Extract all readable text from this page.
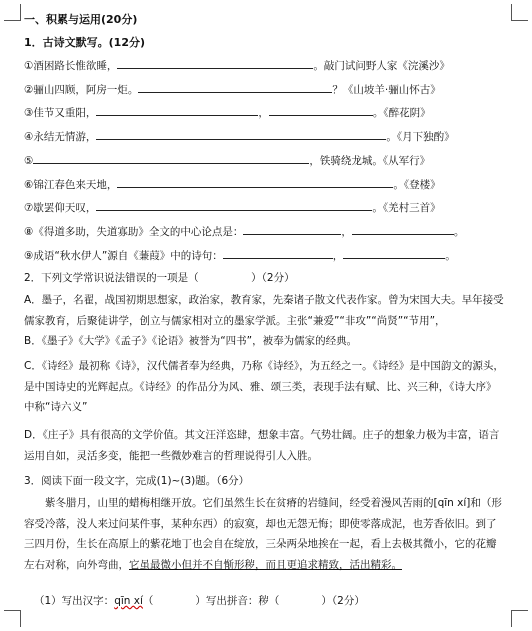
一、积累与运用(20分)
1．古诗文默写。(12分)
①酒困路长惟欲睡，	。敲门试问野人家《浣溪沙》
②骊山四顾，阿房一炬。	？《山坡羊·骊山怀古》
③佳节又重阳，	，	。《醉花阴》
④永结无情游，	。《月下独酌》
⑤	，铁骑绕龙城。《从军行》
⑥锦江春色来天地，	。《登楼》
⑦歇罢仰天叹，	。《羌村三首》
⑧《得道多助，失道寡助》全文的中心论点是：	，	。
⑨成语“秋水伊人”源自《蒹葭》中的诗句：	，	。
2．下列文学常识说法错误的一项是（　　　　　）（2分）
A．墨子，名翟，战国初期思想家，政治家，教育家，先秦诸子散文代表作家。曾为宋国大夫。早年接受儒家教育，后聚徒讲学，创立与儒家相对立的墨家学派。主张“兼爱”“非攻”“尚贤”“节用”，
B．《墨子》《大学》《孟子》《论语》被誉为“四书”，被奉为儒家的经典。
C．《诗经》最初称《诗》，汉代儒者奉为经典，乃称《诗经》，为五经之一。《诗经》是中国韵文的源头，是中国诗史的光辉起点。《诗经》的作品分为风、雅、颂三类，表现手法有赋、比、兴三种，《诗大序》中称“诗六义”
D．《庄子》具有很高的文学价值。其文汪洋恣肆，想象丰富。气势壮阔。庄子的想象力极为丰富，语言运用自如，灵活多变，能把一些微妙难言的哲理说得引人入胜。
3．阅读下面一段文字，完成(1)~(3)题。（6分）
紫冬腊月，山里的蜡梅相继开放。它们虽然生长在贫瘠的岩缝间，经受着漫风苦雨的[qīn xí]和（形容受冷落，没人来过问某件事，某种东西）的寂寞，却也无怨无悔；即使零落成泥，也芳香依旧。到了三四月份，生长在高原上的紫花地丁也会自在绽放，三朵两朵地挨在一起，看上去极其微小，它的花瓣左右对称，向外弯曲，它虽最微小但并不自惭形秽，而且更追求精致，活出精彩。
（1）写出汉字：qīn xí（　　　　）写出拼音：秽（　　　　）（2分）
